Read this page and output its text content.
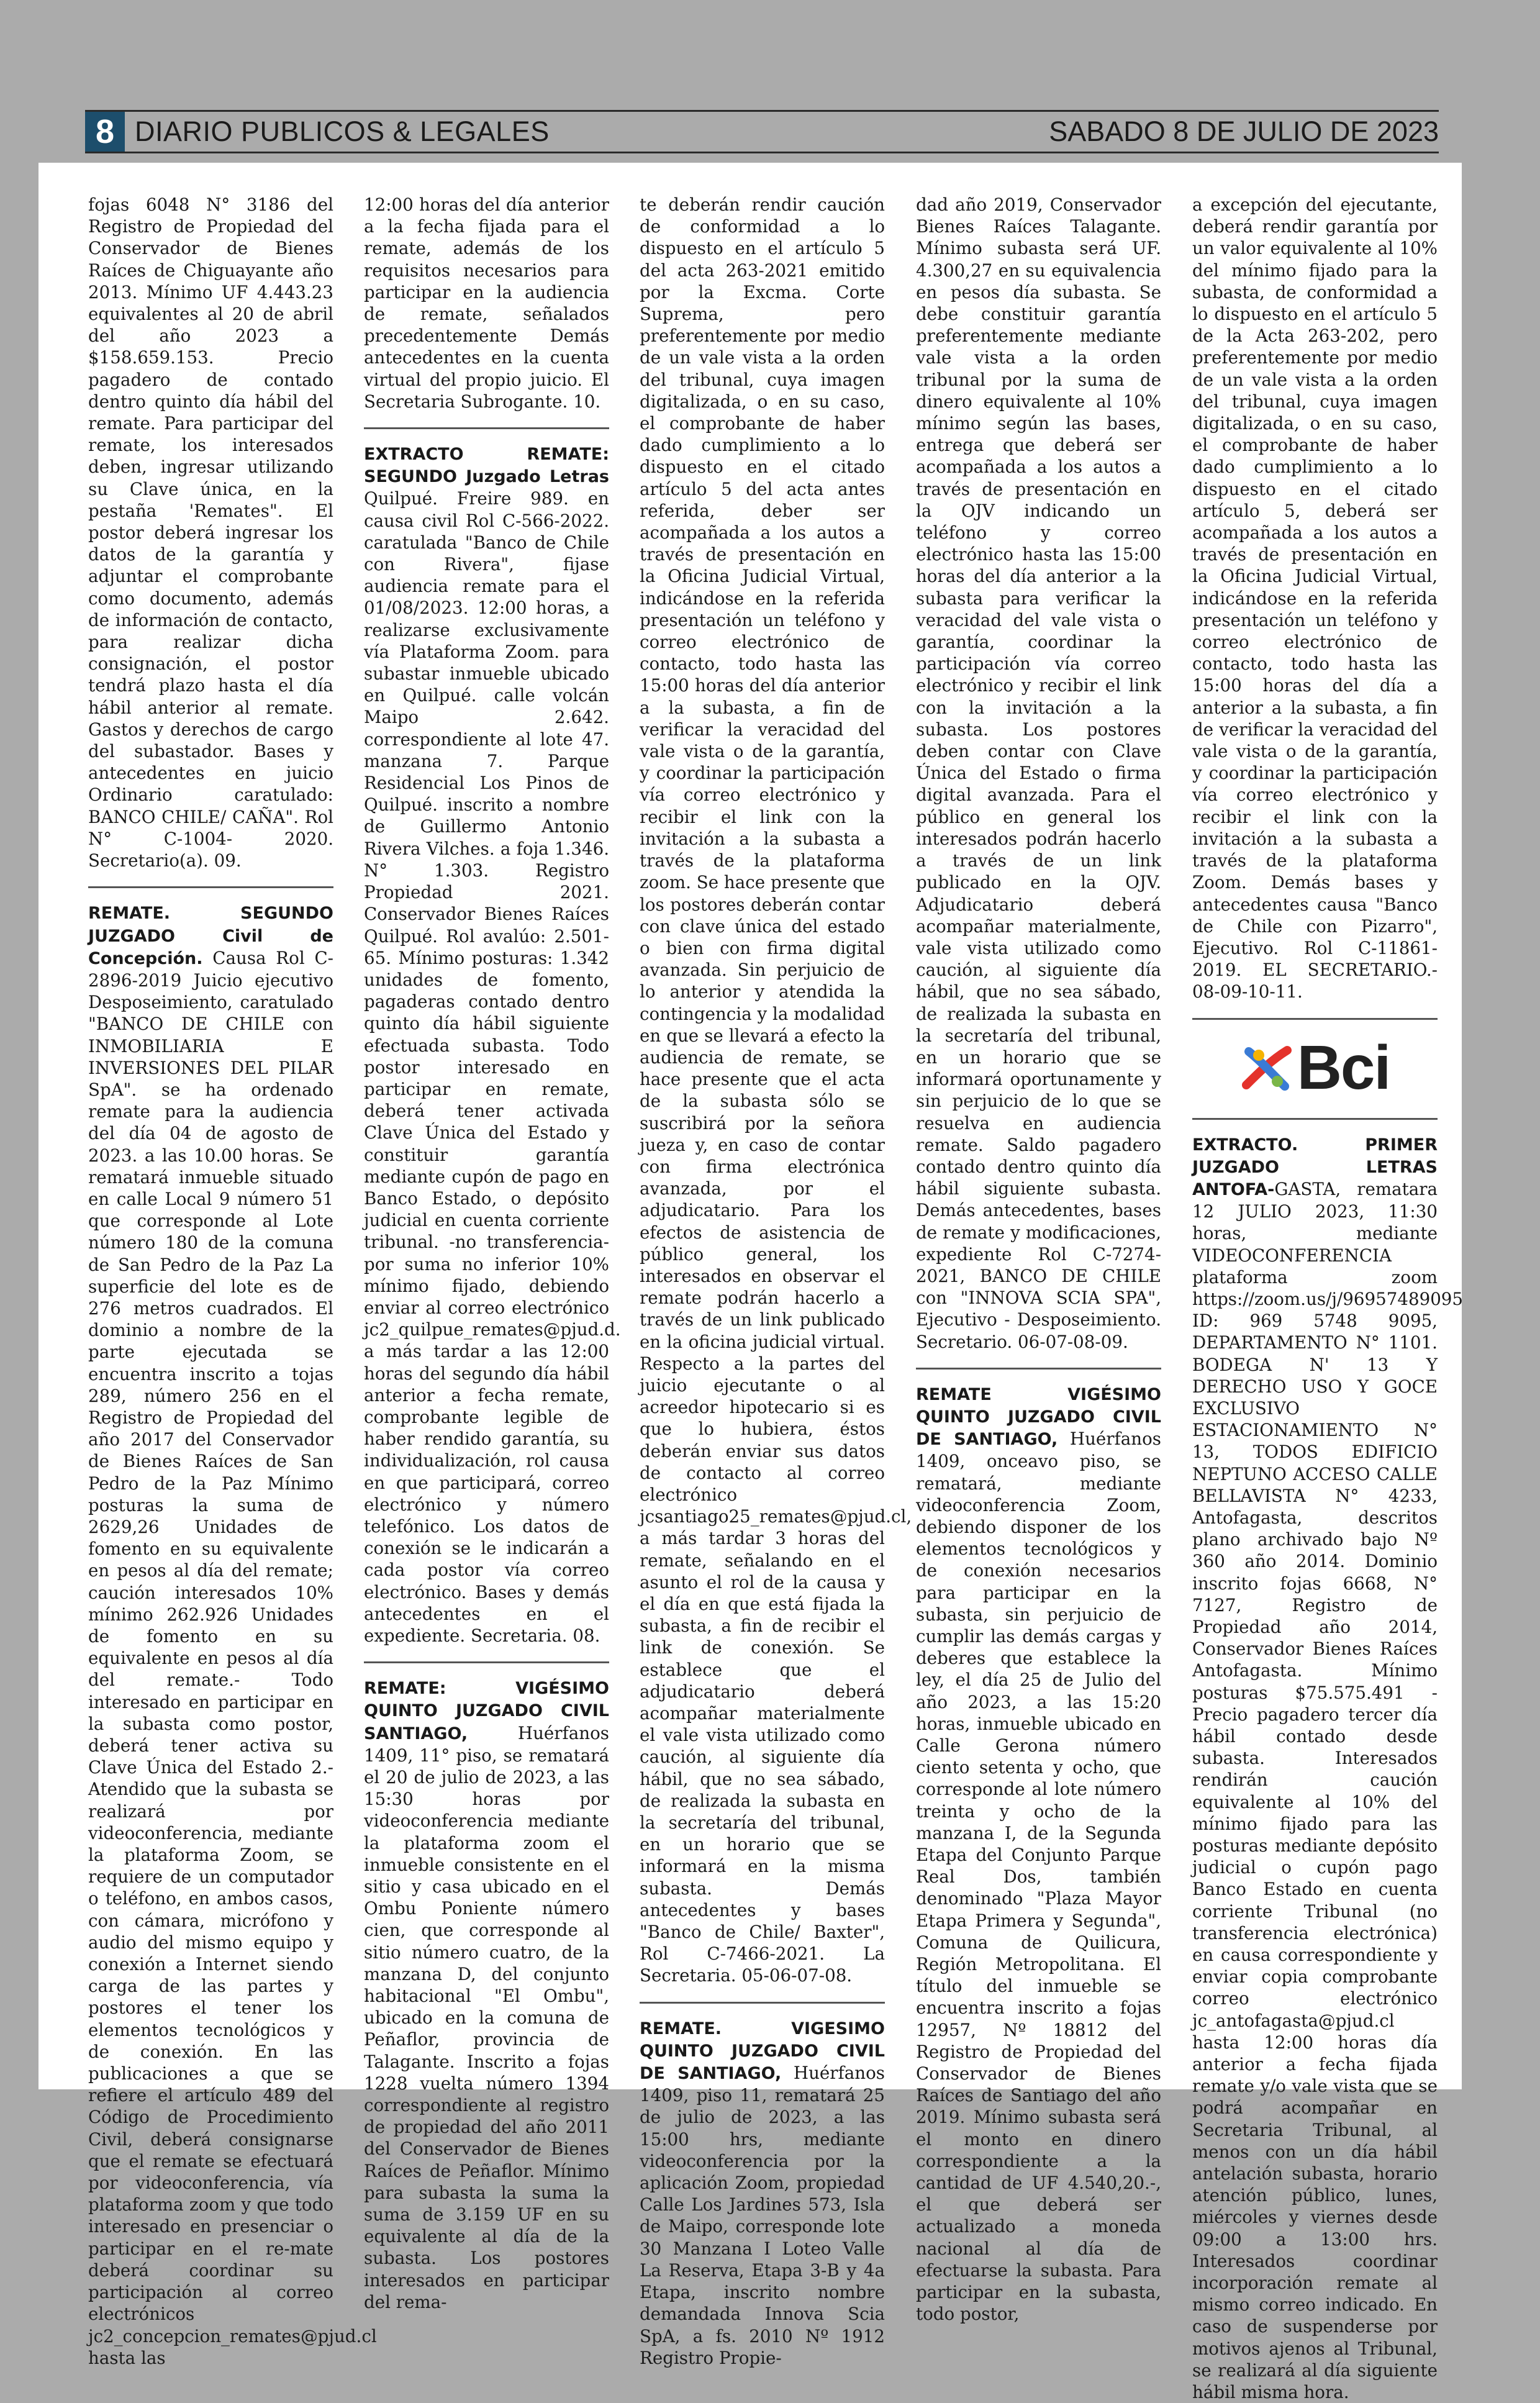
8 DIARIO PUBLICOS & LEGALES	SABADO 8 DE JULIO DE 2023

fojas 6048 N° 3186 del Registro de Propiedad del Conservador de Bienes Raíces de Chiguayante año 2013. Mínimo UF 4.443.23 equivalentes al 20 de abril del año 2023 a $158.659.153. Precio pagadero de contado dentro quinto día hábil del remate. Para participar del remate, los interesados deben, ingresar utilizando su Clave única, en la pestaña 'Remates". El postor deberá ingresar los datos de la garantía y adjuntar el comprobante como documento, además de información de contacto, para realizar dicha consignación, el postor tendrá plazo hasta el día hábil anterior al remate. Gastos y derechos de cargo del subastador. Bases y antecedentes en juicio Ordinario caratulado: BANCO CHILE/ CAÑA". Rol N° C-1004- 2020. Secretario(a). 09.

REMATE. SEGUNDO JUZGADO Civil de Concepción. Causa Rol C-2896-2019 Juicio ejecutivo Desposeimiento, caratulado "BANCO DE CHILE con INMOBILIARIA E INVERSIONES DEL PILAR SpA". se ha ordenado remate para la audiencia del día 04 de agosto de 2023. a las 10.00 horas. Se rematará inmueble situado en calle Local 9 número 51 que corresponde al Lote número 180 de la comuna de San Pedro de la Paz La superficie del lote es de 276 metros cuadrados. El dominio a nombre de la parte ejecutada se encuentra inscrito a tojas 289, número 256 en el Registro de Propiedad del año 2017 del Conservador de Bienes Raíces de San Pedro de la Paz Mínimo posturas la suma de 2629,26 Unidades de fomento en su equivalente en pesos al día del remate; caución interesados 10% mínimo 262.926 Unidades de fomento en su equivalente en pesos al día del remate.- Todo interesado en participar en la subasta como postor, deberá tener activa su Clave Única del Estado 2.- Atendido que la subasta se realizará por videoconferencia, mediante la plataforma Zoom, se requiere de un computador o teléfono, en ambos casos, con cámara, micrófono y audio del mismo equipo y conexión a Internet siendo carga de las partes y postores el tener los elementos tecnológicos y de conexión. En las publicaciones a que se refiere el artículo 489 del Código de Procedimiento Civil, deberá consignarse que el remate se efectuará por videoconferencia, vía plataforma zoom y que todo interesado en presenciar o participar en el re-mate deberá coordinar su participación al correo electrónicos jc2_concepcion_remates@pjud.cl hasta las

12:00 horas del día anterior a la fecha fijada para el remate, además de los requisitos necesarios para participar en la audiencia de remate, señalados precedentemente Demás antecedentes en la cuenta virtual del propio juicio. El Secretaria Subrogante. 10.

EXTRACTO REMATE: SEGUNDO Juzgado Letras Quilpué. Freire 989. en causa civil Rol C-566-2022. caratulada "Banco de Chile con Rivera", fijase audiencia remate para el 01/08/2023. 12:00 horas, a realizarse exclusivamente vía Plataforma Zoom. para subastar inmueble ubicado en Quilpué. calle volcán Maipo 2.642. correspondiente al lote 47. manzana 7. Parque Residencial Los Pinos de Quilpué. inscrito a nombre de Guillermo Antonio Rivera Vilches. a foja 1.346. N° 1.303. Registro Propiedad 2021. Conservador Bienes Raíces Quilpué. Rol avalúo: 2.501-65. Mínimo posturas: 1.342 unidades de fomento, pagaderas contado dentro quinto día hábil siguiente efectuada subasta. Todo postor interesado en participar en remate, deberá tener activada Clave Única del Estado y constituir garantía mediante cupón de pago en Banco Estado, o depósito judicial en cuenta corriente tribunal. -no transferencia- por suma no inferior 10% mínimo fijado, debiendo enviar al correo electrónico jc2_quilpue_remates@pjud.d. a más tardar a las 12:00 horas del segundo día hábil anterior a fecha remate, comprobante legible de haber rendido garantía, su individualización, rol causa en que participará, correo electrónico y número telefónico. Los datos de conexión se le indicarán a cada postor vía correo electrónico. Bases y demás antecedentes en el expediente. Secretaria. 08.

REMATE: VIGÉSIMO QUINTO JUZGADO CIVIL SANTIAGO, Huérfanos 1409, 11° piso, se rematará el 20 de julio de 2023, a las 15:30 horas por videoconferencia mediante la plataforma zoom el inmueble consistente en el sitio y casa ubicado en el Ombu Poniente número cien, que corresponde al sitio número cuatro, de la manzana D, del conjunto habitacional "El Ombu", ubicado en la comuna de Peñaflor, provincia de Talagante. Inscrito a fojas 1228 vuelta número 1394 correspondiente al registro de propiedad del año 2011 del Conservador de Bienes Raíces de Peñaflor. Mínimo para subasta la suma la suma de 3.159 UF en su equivalente al día de la subasta. Los postores interesados en participar del rema-

te deberán rendir caución de conformidad a lo dispuesto en el artículo 5 del acta 263-2021 emitido por la Excma. Corte Suprema, pero preferentemente por medio de un vale vista a la orden del tribunal, cuya imagen digitalizada, o en su caso, el comprobante de haber dado cumplimiento a lo dispuesto en el citado artículo 5 del acta antes referida, deber ser acompañada a los autos a través de presentación en la Oficina Judicial Virtual, indicándose en la referida presentación un teléfono y correo electrónico de contacto, todo hasta las 15:00 horas del día anterior a la subasta, a fin de verificar la veracidad del vale vista o de la garantía, y coordinar la participación vía correo electrónico y recibir el link con la invitación a la subasta a través de la plataforma zoom. Se hace presente que los postores deberán contar con clave única del estado o bien con firma digital avanzada. Sin perjuicio de lo anterior y atendida la contingencia y la modalidad en que se llevará a efecto la audiencia de remate, se hace presente que el acta de la subasta sólo se suscribirá por la señora jueza y, en caso de contar con firma electrónica avanzada, por el adjudicatario. Para los efectos de asistencia de público general, los interesados en observar el remate podrán hacerlo a través de un link publicado en la oficina judicial virtual. Respecto a la partes del juicio ejecutante o al acreedor hipotecario si es que lo hubiera, éstos deberán enviar sus datos de contacto al correo electrónico jcsantiago25_remates@pjud.cl, a más tardar 3 horas del remate, señalando en el asunto el rol de la causa y el día en que está fijada la subasta, a fin de recibir el link de conexión. Se establece que el adjudicatario deberá acompañar materialmente el vale vista utilizado como caución, al siguiente día hábil, que no sea sábado, de realizada la subasta en la secretaría del tribunal, en un horario que se informará en la misma subasta. Demás antecedentes y bases "Banco de Chile/ Baxter", Rol C-7466-2021. La Secretaria. 05-06-07-08.

REMATE. VIGESIMO QUINTO JUZGADO CIVIL DE SANTIAGO, Huérfanos 1409, piso 11, rematará 25 de julio de 2023, a las 15:00 hrs, mediante videoconferencia por la aplicación Zoom, propiedad Calle Los Jardines 573, Isla de Maipo, corresponde lote 30 Manzana I Loteo Valle La Reserva, Etapa 3-B y 4a Etapa, inscrito nombre demandada Innova Scia SpA, a fs. 2010 Nº 1912 Registro Propie-

dad año 2019, Conservador Bienes Raíces Talagante. Mínimo subasta será UF. 4.300,27 en su equivalencia en pesos día subasta. Se debe constituir garantía preferentemente mediante vale vista a la orden tribunal por la suma de dinero equivalente al 10% mínimo según las bases, entrega que deberá ser acompañada a los autos a través de presentación en la OJV indicando un teléfono y correo electrónico hasta las 15:00 horas del día anterior a la subasta para verificar la veracidad del vale vista o garantía, coordinar la participación vía correo electrónico y recibir el link con la invitación a la subasta. Los postores deben contar con Clave Única del Estado o firma digital avanzada. Para el público en general los interesados podrán hacerlo a través de un link publicado en la OJV. Adjudicatario deberá acompañar materialmente, vale vista utilizado como caución, al siguiente día hábil, que no sea sábado, de realizada la subasta en la secretaría del tribunal, en un horario que se informará oportunamente y sin perjuicio de lo que se resuelva en audiencia remate. Saldo pagadero contado dentro quinto día hábil siguiente subasta. Demás antecedentes, bases de remate y modificaciones, expediente Rol C-7274-2021, BANCO DE CHILE con "INNOVA SCIA SPA", Ejecutivo - Desposeimiento. Secretario. 06-07-08-09.

REMATE VIGÉSIMO QUINTO JUZGADO CIVIL DE SANTIAGO, Huérfanos 1409, onceavo piso, se rematará, mediante videoconferencia Zoom, debiendo disponer de los elementos tecnológicos y de conexión necesarios para participar en la subasta, sin perjuicio de cumplir las demás cargas y deberes que establece la ley, el día 25 de Julio del año 2023, a las 15:20 horas, inmueble ubicado en Calle Gerona número ciento setenta y ocho, que corresponde al lote número treinta y ocho de la manzana I, de la Segunda Etapa del Conjunto Parque Real Dos, también denominado "Plaza Mayor Etapa Primera y Segunda", Comuna de Quilicura, Región Metropolitana. El título del inmueble se encuentra inscrito a fojas 12957, Nº 18812 del Registro de Propiedad del Conservador de Bienes Raíces de Santiago del año 2019. Mínimo subasta será el monto en dinero correspondiente a la cantidad de UF 4.540,20.-, el que deberá ser actualizado a moneda nacional al día de efectuarse la subasta. Para participar en la subasta, todo postor,

a excepción del ejecutante, deberá rendir garantía por un valor equivalente al 10% del mínimo fijado para la subasta, de conformidad a lo dispuesto en el artículo 5 de la Acta 263-202, pero preferentemente por medio de un vale vista a la orden del tribunal, cuya imagen digitalizada, o en su caso, el comprobante de haber dado cumplimiento a lo dispuesto en el citado artículo 5, deberá ser acompañada a los autos a través de presentación en la Oficina Judicial Virtual, indicándose en la referida presentación un teléfono y correo electrónico de contacto, todo hasta las 15:00 horas del día a anterior a la subasta, a fin de verificar la veracidad del vale vista o de la garantía, y coordinar la participación vía correo electrónico y recibir el link con la invitación a la subasta a través de la plataforma Zoom. Demás bases y antecedentes causa "Banco de Chile con Pizarro", Ejecutivo. Rol C-11861-2019. EL SECRETARIO.- 08-09-10-11.

Bci

EXTRACTO. PRIMER JUZGADO LETRAS ANTOFA-GASTA, rematara 12 JULIO 2023, 11:30 horas, mediante VIDEOCONFERENCIA plataforma zoom https://zoom.us/j/96957489095 ID: 969 5748 9095, DEPARTAMENTO N° 1101. BODEGA N' 13 Y DERECHO USO Y GOCE EXCLUSIVO ESTACIONAMIENTO N° 13, TODOS EDIFICIO NEPTUNO ACCESO CALLE BELLAVISTA N° 4233, Antofagasta, descritos plano archivado bajo Nº 360 año 2014. Dominio inscrito fojas 6668, N° 7127, Registro de Propiedad año 2014, Conservador Bienes Raíces Antofagasta. Mínimo posturas $75.575.491 -Precio pagadero tercer día hábil contado desde subasta. Interesados rendirán caución equivalente al 10% del mínimo fijado para las posturas mediante depósito judicial o cupón pago Banco Estado en cuenta corriente Tribunal (no transferencia electrónica) en causa correspondiente y enviar copia comprobante correo electrónico jc_antofagasta@pjud.cl hasta 12:00 horas día anterior a fecha fijada remate y/o vale vista que se podrá acompañar en Secretaria Tribunal, al menos con un día hábil antelación subasta, horario atención público, lunes, miércoles y viernes desde 09:00 a 13:00 hrs. Interesados coordinar incorporación remate al mismo correo indicado. En caso de suspenderse por motivos ajenos al Tribunal, se realizará al día siguiente hábil misma hora.
